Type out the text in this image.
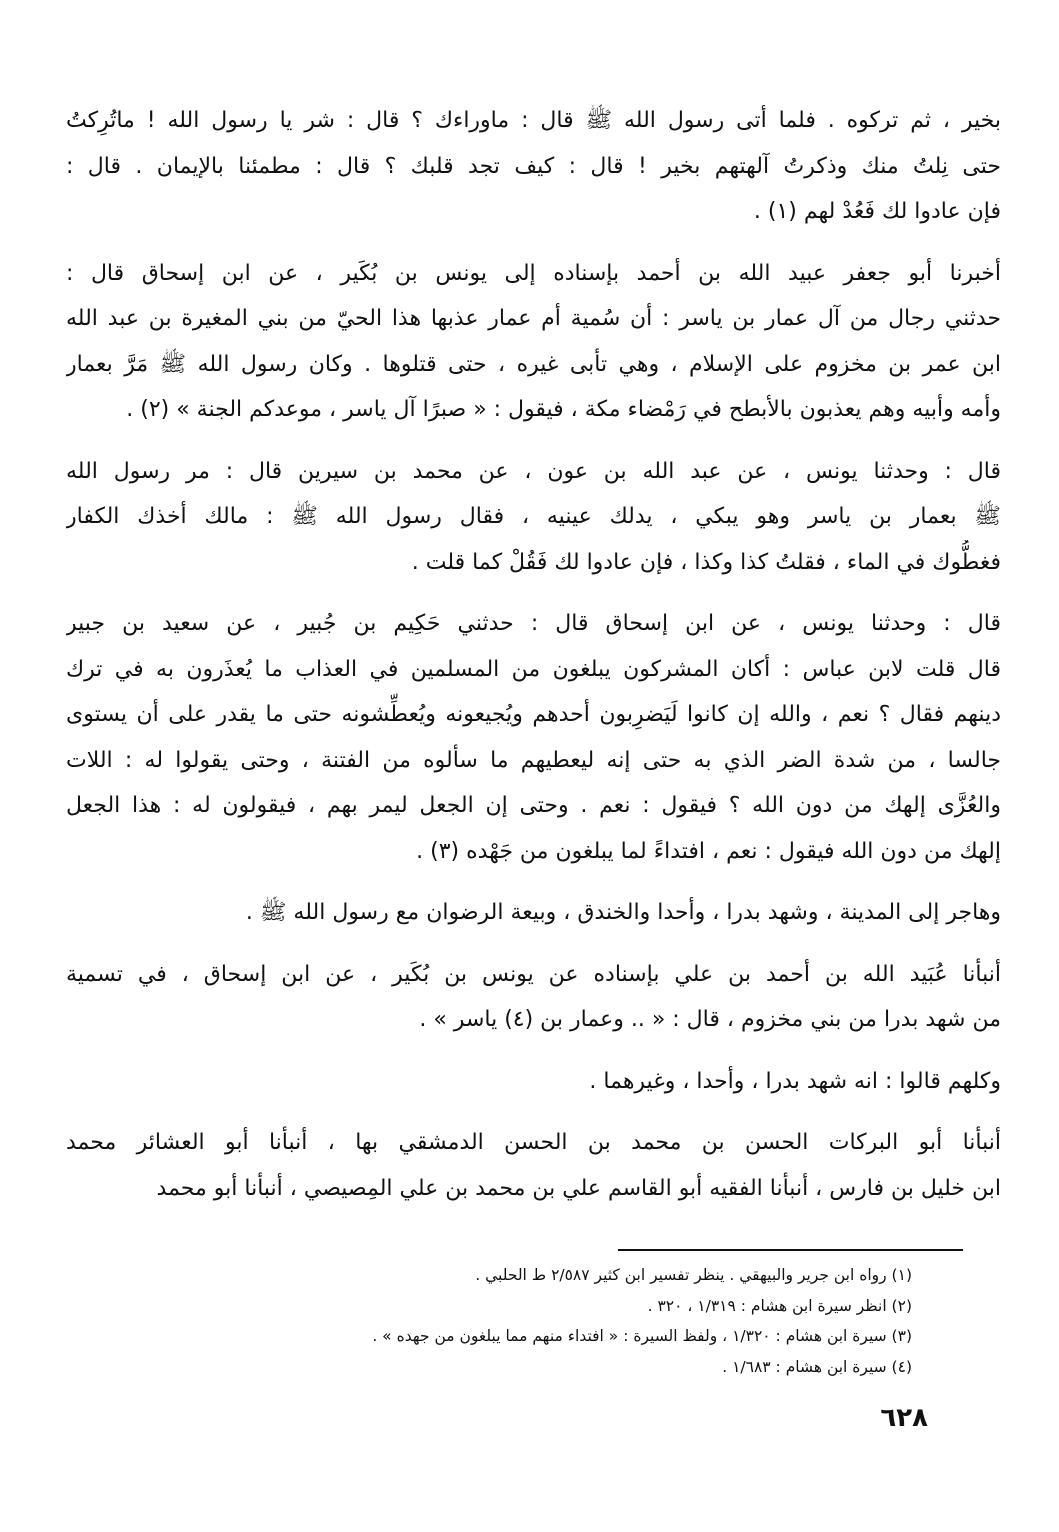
بخير ، ثم تركوه . فلما أتى رسول الله ﷺ قال : ماوراءك ؟ قال : شر يا رسول الله ! ماتُرِكتُ
حتى نِلتُ منك وذكرتُ آلهتهم بخير ! قال : كيف تجد قلبك ؟ قال : مطمئنا بالإيمان . قال :
فإن عادوا لك فَعُدْ لهم (١) .
أخبرنا أبو جعفر عبيد الله بن أحمد بإسناده إلى يونس بن بُكَير ، عن ابن إسحاق قال :
حدثني رجال من آل عمار بن ياسر : أن سُمية أم عمار عذبها هذا الحيّ من بني المغيرة بن عبد الله
ابن عمر بن مخزوم على الإسلام ، وهي تأبى غيره ، حتى قتلوها . وكان رسول الله ﷺ مَرَّ بعمار
وأمه وأبيه وهم يعذبون بالأبطح في رَمْضاء مكة ، فيقول : « صبرًا آل ياسر ، موعدكم الجنة » (٢) .
قال : وحدثنا يونس ، عن عبد الله بن عون ، عن محمد بن سيرين قال : مر رسول الله
ﷺ بعمار بن ياسر وهو يبكي ، يدلك عينيه ، فقال رسول الله ﷺ : مالك أخذك الكفار
فغطُّوك في الماء ، فقلتُ كذا وكذا ، فإن عادوا لك فَقُلْ كما قلت .
قال : وحدثنا يونس ، عن ابن إسحاق قال : حدثني حَكِيم بن جُبير ، عن سعيد بن جبير
قال قلت لابن عباس : أكان المشركون يبلغون من المسلمين في العذاب ما يُعذَرون به في ترك
دينهم فقال ؟ نعم ، والله إن كانوا لَيَضرِبون أحدهم ويُجيعونه ويُعطِّشونه حتى ما يقدر على أن يستوى
جالسا ، من شدة الضر الذي به حتى إنه ليعطيهم ما سألوه من الفتنة ، وحتى يقولوا له : اللات
والعُزَّى إلهك من دون الله ؟ فيقول : نعم . وحتى إن الجعل ليمر بهم ، فيقولون له : هذا الجعل
إلهك من دون الله فيقول : نعم ، افتداءً لما يبلغون من جَهْده (٣) .
وهاجر إلى المدينة ، وشهد بدرا ، وأحدا والخندق ، وبيعة الرضوان مع رسول الله ﷺ .
أنبأنا عُبَيد الله بن أحمد بن علي بإسناده عن يونس بن بُكَير ، عن ابن إسحاق ، في تسمية
من شهد بدرا من بني مخزوم ، قال : « .. وعمار بن (٤) ياسر » .
وكلهم قالوا : انه شهد بدرا ، وأحدا ، وغيرهما .
أنبأنا أبو البركات الحسن بن محمد بن الحسن الدمشقي بها ، أنبأنا أبو العشائر محمد
ابن خليل بن فارس ، أنبأنا الفقيه أبو القاسم علي بن محمد بن علي المِصيصي ، أنبأنا أبو محمد
(١) رواه ابن جرير والبيهقي . ينظر تفسير ابن كثير ٢/٥٨٧ ط الحلبي .
(٢) انظر سيرة ابن هشام : ١/٣١٩ ، ٣٢٠ .
(٣) سيرة ابن هشام : ١/٣٢٠ ، ولفظ السيرة : « افتداء منهم مما يبلغون من جهده » .
(٤) سيرة ابن هشام : ١/٦٨٣ .
٦٢٨
